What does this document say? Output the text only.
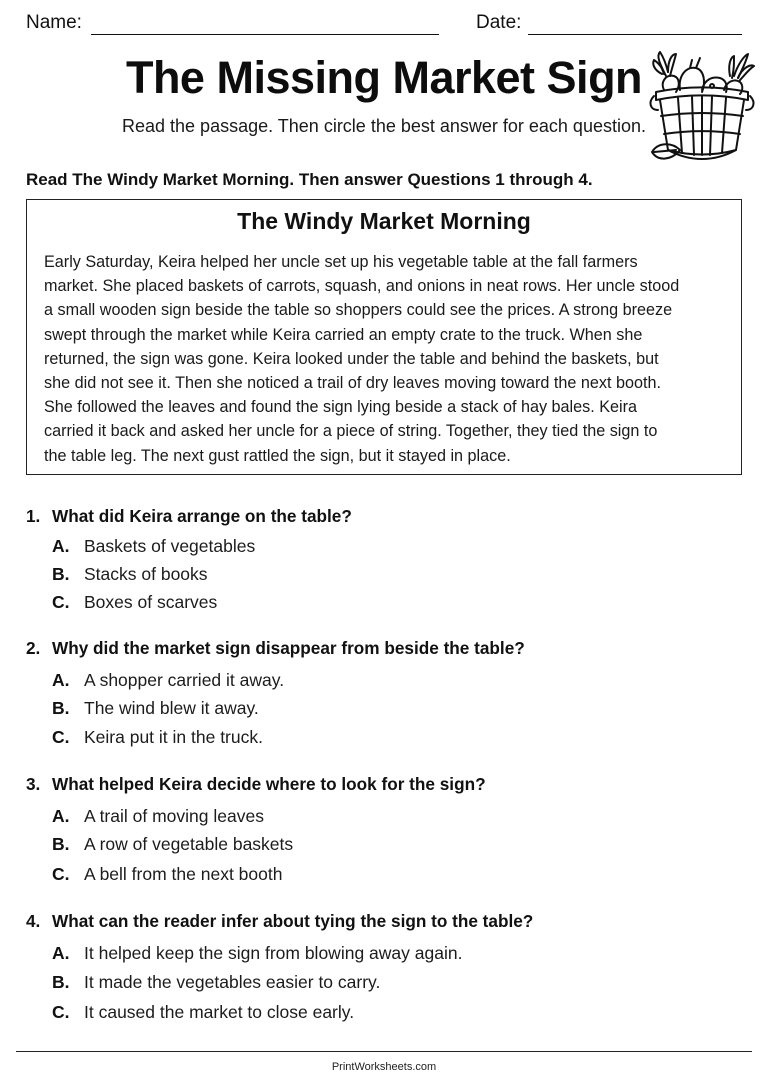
Name:	Date:
The Missing Market Sign
Read the passage. Then circle the best answer for each question.
Read The Windy Market Morning. Then answer Questions 1 through 4.
The Windy Market Morning
Early Saturday, Keira helped her uncle set up his vegetable table at the fall farmers
market. She placed baskets of carrots, squash, and onions in neat rows. Her uncle stood
a small wooden sign beside the table so shoppers could see the prices. A strong breeze
swept through the market while Keira carried an empty crate to the truck. When she
returned, the sign was gone. Keira looked under the table and behind the baskets, but
she did not see it. Then she noticed a trail of dry leaves moving toward the next booth.
She followed the leaves and found the sign lying beside a stack of hay bales. Keira
carried it back and asked her uncle for a piece of string. Together, they tied the sign to
the table leg. The next gust rattled the sign, but it stayed in place.
1. What did Keira arrange on the table?
A. Baskets of vegetables
B. Stacks of books
C. Boxes of scarves
2. Why did the market sign disappear from beside the table?
A. A shopper carried it away.
B. The wind blew it away.
C. Keira put it in the truck.
3. What helped Keira decide where to look for the sign?
A. A trail of moving leaves
B. A row of vegetable baskets
C. A bell from the next booth
4. What can the reader infer about tying the sign to the table?
A. It helped keep the sign from blowing away again.
B. It made the vegetables easier to carry.
C. It caused the market to close early.
PrintWorksheets.com
